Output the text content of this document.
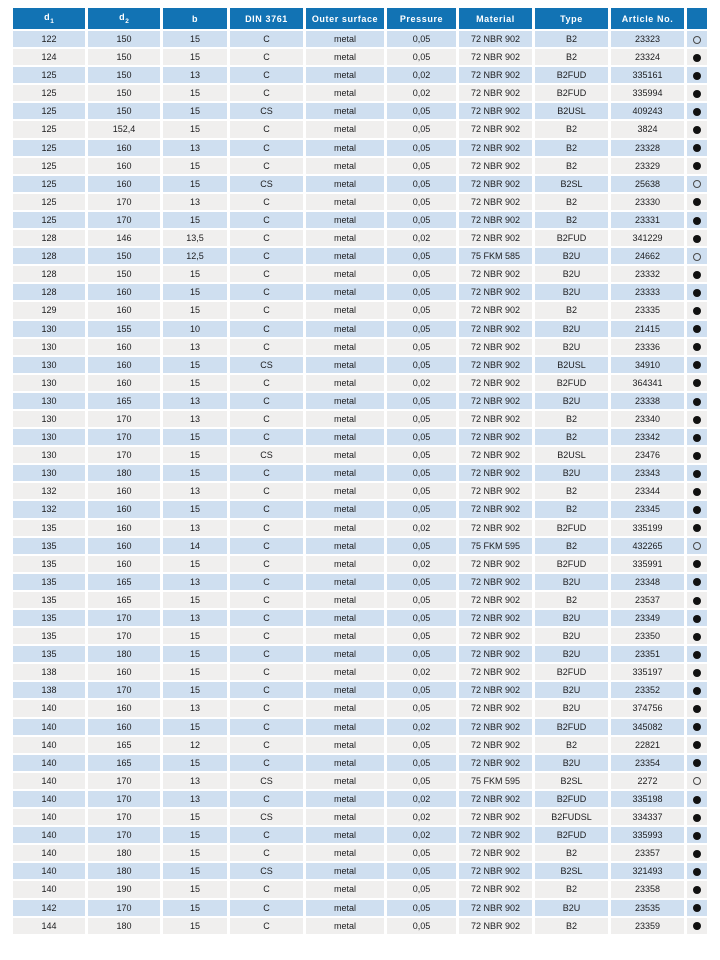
$d_1$	$d_2$	b	DIN 3761	Outer surface	Pressure	Material	Type	Article No.	
122	150	15	C	metal	0,05	72 NBR 902	B2	23323	
124	150	15	C	metal	0,05	72 NBR 902	B2	23324	
125	150	13	C	metal	0,02	72 NBR 902	B2FUD	335161	
125	150	15	C	metal	0,02	72 NBR 902	B2FUD	335994	
125	150	15	CS	metal	0,05	72 NBR 902	B2USL	409243	
125	152,4	15	C	metal	0,05	72 NBR 902	B2	3824	
125	160	13	C	metal	0,05	72 NBR 902	B2	23328	
125	160	15	C	metal	0,05	72 NBR 902	B2	23329	
125	160	15	CS	metal	0,05	72 NBR 902	B2SL	25638	
125	170	13	C	metal	0,05	72 NBR 902	B2	23330	
125	170	15	C	metal	0,05	72 NBR 902	B2	23331	
128	146	13,5	C	metal	0,02	72 NBR 902	B2FUD	341229	
128	150	12,5	C	metal	0,05	75 FKM 585	B2U	24662	
128	150	15	C	metal	0,05	72 NBR 902	B2U	23332	
128	160	15	C	metal	0,05	72 NBR 902	B2U	23333	
129	160	15	C	metal	0,05	72 NBR 902	B2	23335	
130	155	10	C	metal	0,05	72 NBR 902	B2U	21415	
130	160	13	C	metal	0,05	72 NBR 902	B2U	23336	
130	160	15	CS	metal	0,05	72 NBR 902	B2USL	34910	
130	160	15	C	metal	0,02	72 NBR 902	B2FUD	364341	
130	165	13	C	metal	0,05	72 NBR 902	B2U	23338	
130	170	13	C	metal	0,05	72 NBR 902	B2	23340	
130	170	15	C	metal	0,05	72 NBR 902	B2	23342	
130	170	15	CS	metal	0,05	72 NBR 902	B2USL	23476	
130	180	15	C	metal	0,05	72 NBR 902	B2U	23343	
132	160	13	C	metal	0,05	72 NBR 902	B2	23344	
132	160	15	C	metal	0,05	72 NBR 902	B2	23345	
135	160	13	C	metal	0,02	72 NBR 902	B2FUD	335199	
135	160	14	C	metal	0,05	75 FKM 595	B2	432265	
135	160	15	C	metal	0,02	72 NBR 902	B2FUD	335991	
135	165	13	C	metal	0,05	72 NBR 902	B2U	23348	
135	165	15	C	metal	0,05	72 NBR 902	B2	23537	
135	170	13	C	metal	0,05	72 NBR 902	B2U	23349	
135	170	15	C	metal	0,05	72 NBR 902	B2U	23350	
135	180	15	C	metal	0,05	72 NBR 902	B2U	23351	
138	160	15	C	metal	0,02	72 NBR 902	B2FUD	335197	
138	170	15	C	metal	0,05	72 NBR 902	B2U	23352	
140	160	13	C	metal	0,05	72 NBR 902	B2U	374756	
140	160	15	C	metal	0,02	72 NBR 902	B2FUD	345082	
140	165	12	C	metal	0,05	72 NBR 902	B2	22821	
140	165	15	C	metal	0,05	72 NBR 902	B2U	23354	
140	170	13	CS	metal	0,05	75 FKM 595	B2SL	2272	
140	170	13	C	metal	0,02	72 NBR 902	B2FUD	335198	
140	170	15	CS	metal	0,02	72 NBR 902	B2FUDSL	334337	
140	170	15	C	metal	0,02	72 NBR 902	B2FUD	335993	
140	180	15	C	metal	0,05	72 NBR 902	B2	23357	
140	180	15	CS	metal	0,05	72 NBR 902	B2SL	321493	
140	190	15	C	metal	0,05	72 NBR 902	B2	23358	
142	170	15	C	metal	0,05	72 NBR 902	B2U	23535	
144	180	15	C	metal	0,05	72 NBR 902	B2	23359	
